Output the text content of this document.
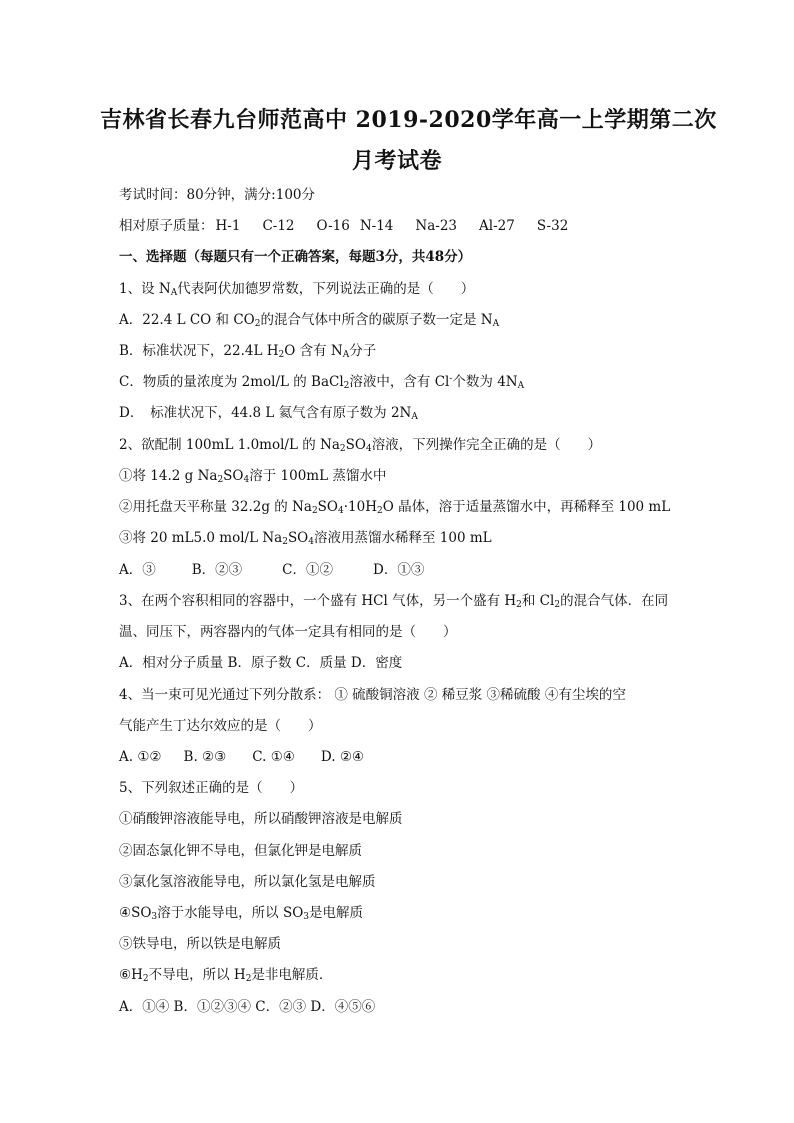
吉林省长春九台师范高中 2019-2020学年高一上学期第二次
月考试卷
考试时间：80分钟，满分:100分
相对原子质量： H-1 C-12 O-16 N-14 Na-23 Al-27 S-32
一、选择题（每题只有一个正确答案，每题3分，共48分）
1、设 $N_A$代表阿伏加德罗常数，下列说法正确的是（　　）
A．22.4 L CO 和 $CO_2$的混合气体中所含的碳原子数一定是 $N_A$
B．标准状况下，22.4L $H_2O$ 含有 $N_A$分子
C．物质的量浓度为 2mol/L 的 BaCl$_2$溶液中，含有 Cl-个数为 $4N_A$
D．　标准状况下，44.8 L 氦气含有原子数为 $2N_A$
2、欲配制 100mL 1.0mol/L 的 $Na_2SO_4$溶液，下列操作完全正确的是（　　）
①将 14.2 g $Na_2SO_4$溶于 100mL 蒸馏水中
②用托盘天平称量 32.2g 的 $Na_2SO_4\cdot 10H_2O$ 晶体，溶于适量蒸馏水中，再稀释至 100 mL
③将 20 mL5.0 mol/L $Na_2SO_4$溶液用蒸馏水稀释至 100 mL
A．③	B．②③	C．①②	D．①③
3、在两个容积相同的容器中，一个盛有 HCl 气体，另一个盛有 $H_2$和 $Cl_2$的混合气体．在同
温、同压下，两容器内的气体一定具有相同的是（　　）
A．相对分子质量 B．原子数 C．质量 D．密度
4、当一束可见光通过下列分散系： ① 硫酸铜溶液 ② 稀豆浆 ③稀硫酸 ④有尘埃的空
气能产生丁达尔效应的是（　　）
A. ①② B. ②③ C. ①④ D. ②④
5、下列叙述正确的是（　　）
①硝酸钾溶液能导电，所以硝酸钾溶液是电解质
②固态氯化钾不导电，但氯化钾是电解质
③氯化氢溶液能导电，所以氯化氢是电解质
$④SO_3$溶于水能导电，所以 $SO_3$是电解质
⑤铁导电，所以铁是电解质
$⑥H_2$不导电，所以 $H_2$是非电解质．
A．①④ B．①②③④ C．②③ D．④⑤⑥
